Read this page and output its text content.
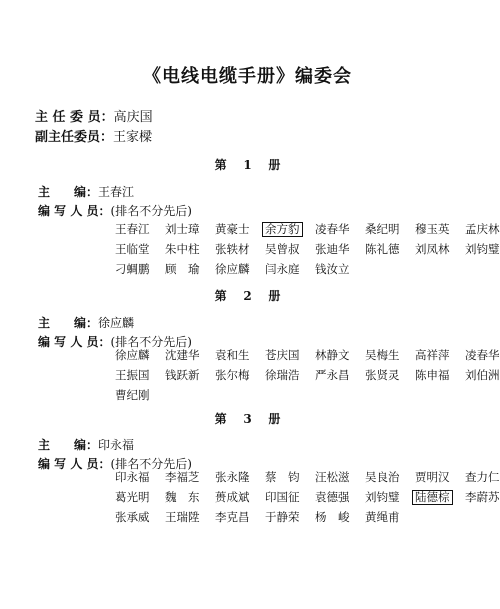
《电线电缆手册》编委会
主 任 委 员：高庆国
副主任委员：王家樑
第 1 册
主　　编：王春江
编 写 人 员：(排名不分先后)
王春江	刘士璋	黄豪士	余方豹	凌春华	桑纪明	穆玉英	孟庆林
王临堂	朱中柱	张轶材	吴曾叔	张迪华	陈礼德	刘凤林	刘钧璧
刁蜩鹏	顾　瑜	徐应麟	闫永庭	钱汝立
第 2 册
主　　编：徐应麟
编 写 人 员：(排名不分先后)
徐应麟	沈建华	袁和生	苍庆国	林静文	吴梅生	高祥萍	凌春华
王振国	钱跃新	张尔梅	徐瑞浩	严永昌	张贤灵	陈申福	刘伯洲
曹纪刚
第 3 册
主　　编：印永福
编 写 人 员：(排名不分先后)
印永福	李福芝	张永隆	蔡　钧	汪松滋	吴良治	贾明汉	查力仁
葛光明	魏　东	蒉成斌	印国征	袁德强	刘钧璧	陆德棕	李蔚苏
张承威	王瑞陞	李克昌	于静荣	杨　峻	黄绳甫
